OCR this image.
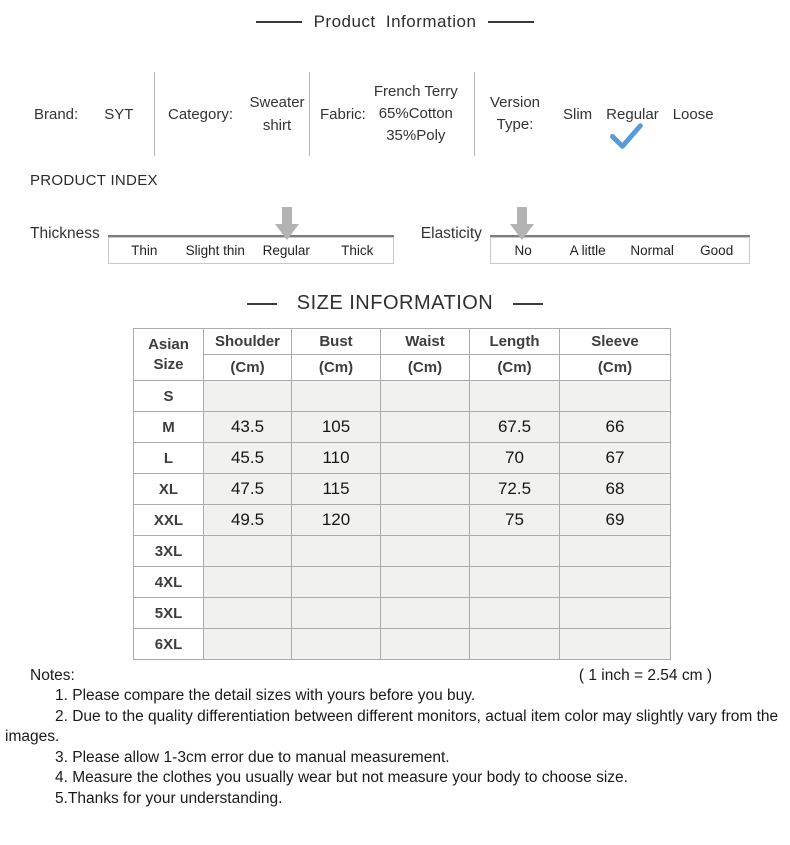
Product Information
Brand: SYT Category:
Sweater shirt
Fabric:
French Terry
65%Cotton
35%Poly
Version Type:
Slim Regular Loose
PRODUCT INDEX
Thickness
Thin	Slight thin	Regular	Thick
Elasticity
No	A little	Normal	Good
SIZE INFORMATION
Asian
Size	Shoulder	Bust	Waist	Length	Sleeve
	(Cm)	(Cm)	(Cm)	(Cm)	(Cm)
S					
M	43.5	105		67.5	66
L	45.5	110		70	67
XL	47.5	115		72.5	68
XXL	49.5	120		75	69
3XL					
4XL					
5XL					
6XL					
Notes:	( 1 inch = 2.54 cm )
1. Please compare the detail sizes with yours before you buy.
2. Due to the quality differentiation between different monitors, actual item color may slightly vary from the images.
3. Please allow 1-3cm error due to manual measurement.
4. Measure the clothes you usually wear but not measure your body to choose size.
5.Thanks for your understanding.
